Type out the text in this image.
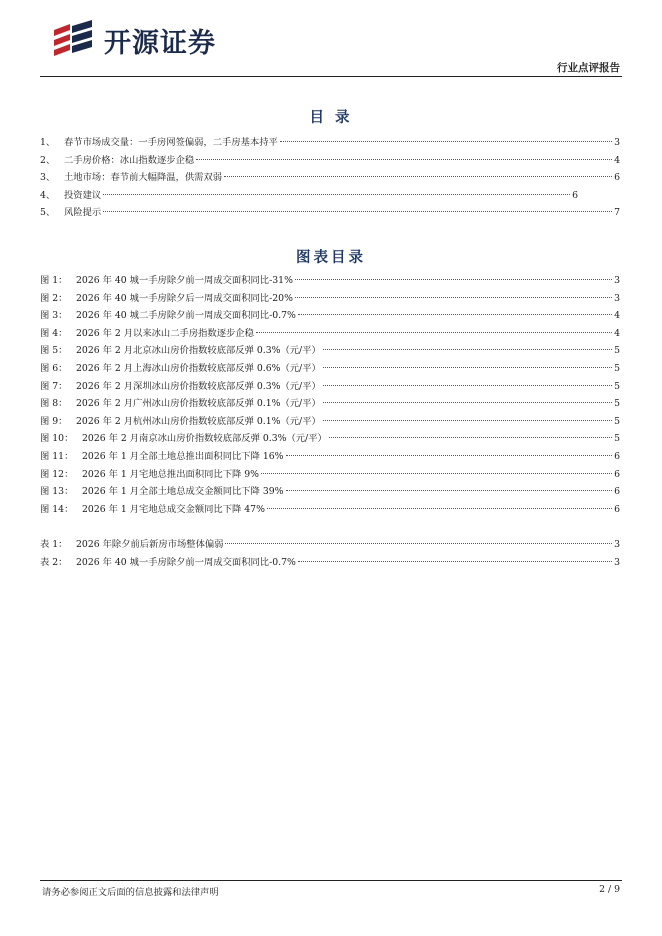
开源证券
行业点评报告
目 录
1、 春节市场成交量：一手房网签偏弱，二手房基本持平	3
2、 二手房价格：冰山指数逐步企稳	4
3、 土地市场：春节前大幅降温，供需双弱	6
4、 投资建议	6
5、 风险提示	7
图表目录
图 1： 2026 年 40 城一手房除夕前一周成交面积同比-31%	3
图 2： 2026 年 40 城一手房除夕后一周成交面积同比-20%	3
图 3： 2026 年 40 城二手房除夕前一周成交面积同比-0.7%	4
图 4： 2026 年 2 月以来冰山二手房指数逐步企稳	4
图 5： 2026 年 2 月北京冰山房价指数较底部反弹 0.3%（元/平）	5
图 6： 2026 年 2 月上海冰山房价指数较底部反弹 0.6%（元/平）	5
图 7： 2026 年 2 月深圳冰山房价指数较底部反弹 0.3%（元/平）	5
图 8： 2026 年 2 月广州冰山房价指数较底部反弹 0.1%（元/平）	5
图 9： 2026 年 2 月杭州冰山房价指数较底部反弹 0.1%（元/平）	5
图 10： 2026 年 2 月南京冰山房价指数较底部反弹 0.3%（元/平）	5
图 11： 2026 年 1 月全部土地总推出面积同比下降 16%	6
图 12： 2026 年 1 月宅地总推出面积同比下降 9%	6
图 13： 2026 年 1 月全部土地总成交金额同比下降 39%	6
图 14： 2026 年 1 月宅地总成交金额同比下降 47%	6
表 1： 2026 年除夕前后新房市场整体偏弱	3
表 2： 2026 年 40 城一手房除夕前一周成交面积同比-0.7%	3
请务必参阅正文后面的信息披露和法律声明	2 / 9
